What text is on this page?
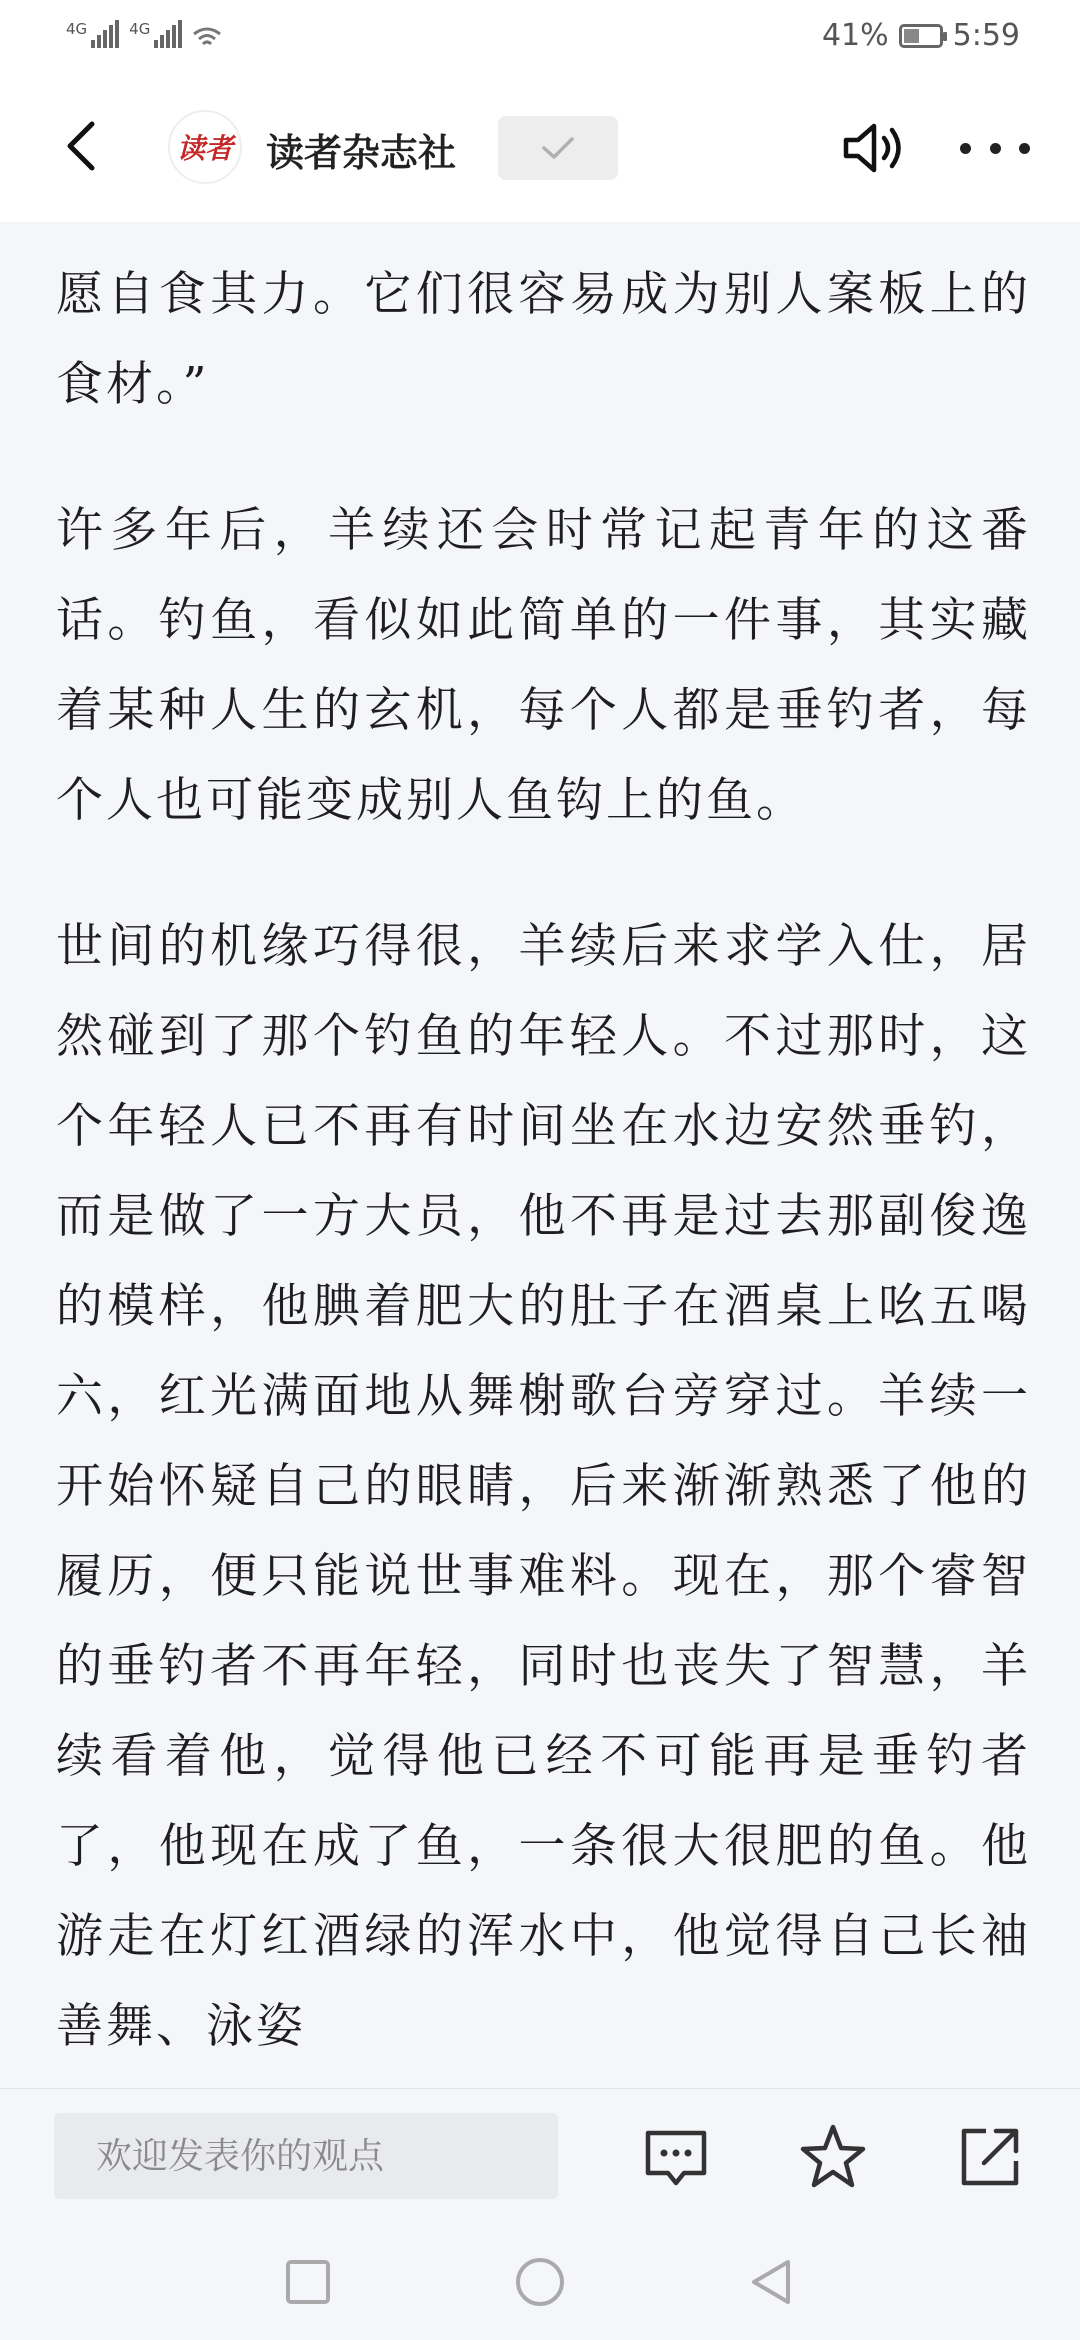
4G	4G	41% 5:59
读者 读者杂志社

愿自食其力。它们很容易成为别人案板上的食材。”

许多年后，羊续还会时常记起青年的这番话。钓鱼，看似如此简单的一件事，其实藏着某种人生的玄机，每个人都是垂钓者，每个人也可能变成别人鱼钩上的鱼。

世间的机缘巧得很，羊续后来求学入仕，居然碰到了那个钓鱼的年轻人。不过那时，这个年轻人已不再有时间坐在水边安然垂钓，而是做了一方大员，他不再是过去那副俊逸的模样，他腆着肥大的肚子在酒桌上吆五喝六，红光满面地从舞榭歌台旁穿过。羊续一开始怀疑自己的眼睛，后来渐渐熟悉了他的履历，便只能说世事难料。现在，那个睿智的垂钓者不再年轻，同时也丧失了智慧，羊续看着他，觉得他已经不可能再是垂钓者了，他现在成了鱼，一条很大很肥的鱼。他游走在灯红酒绿的浑水中，他觉得自己长袖善舞、泳姿

欢迎发表你的观点
